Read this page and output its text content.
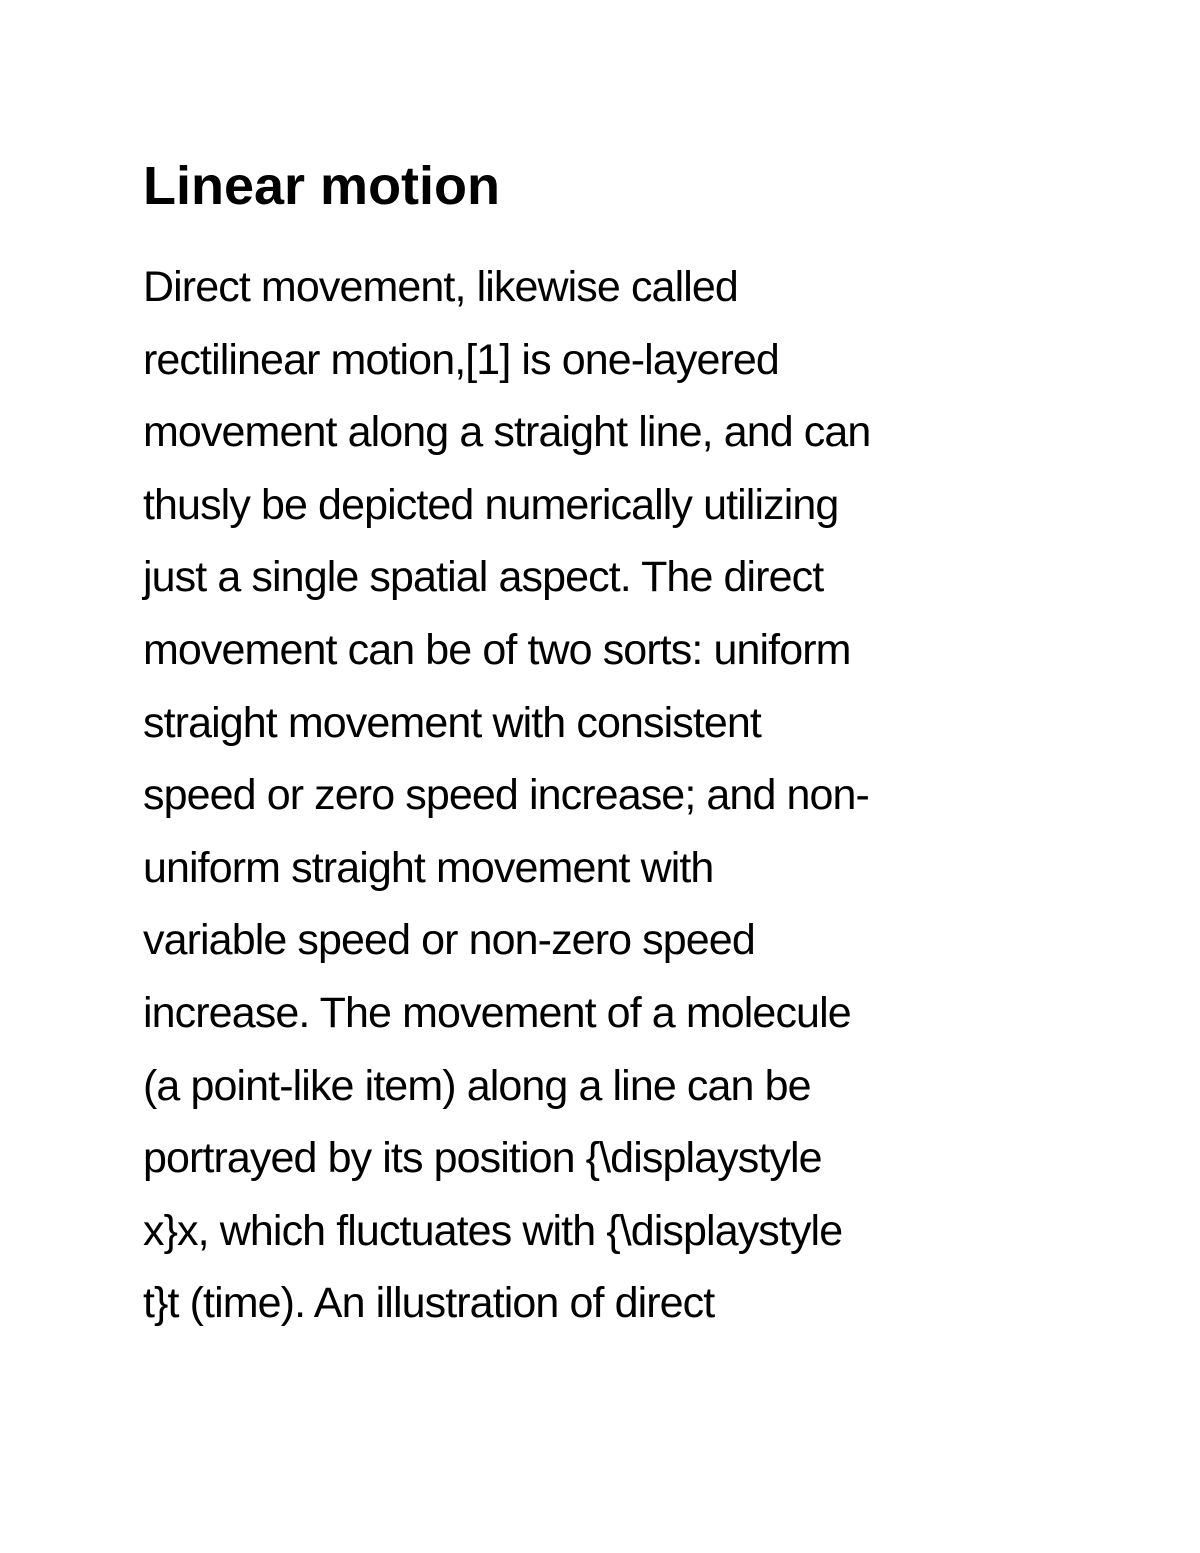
Linear motion
Direct movement, likewise called
rectilinear motion,[1] is one-layered
movement along a straight line, and can
thusly be depicted numerically utilizing
just a single spatial aspect. The direct
movement can be of two sorts: uniform
straight movement with consistent
speed or zero speed increase; and non-
uniform straight movement with
variable speed or non-zero speed
increase. The movement of a molecule
(a point-like item) along a line can be
portrayed by its position {\displaystyle
x}x, which fluctuates with {\displaystyle
t}t (time). An illustration of direct
